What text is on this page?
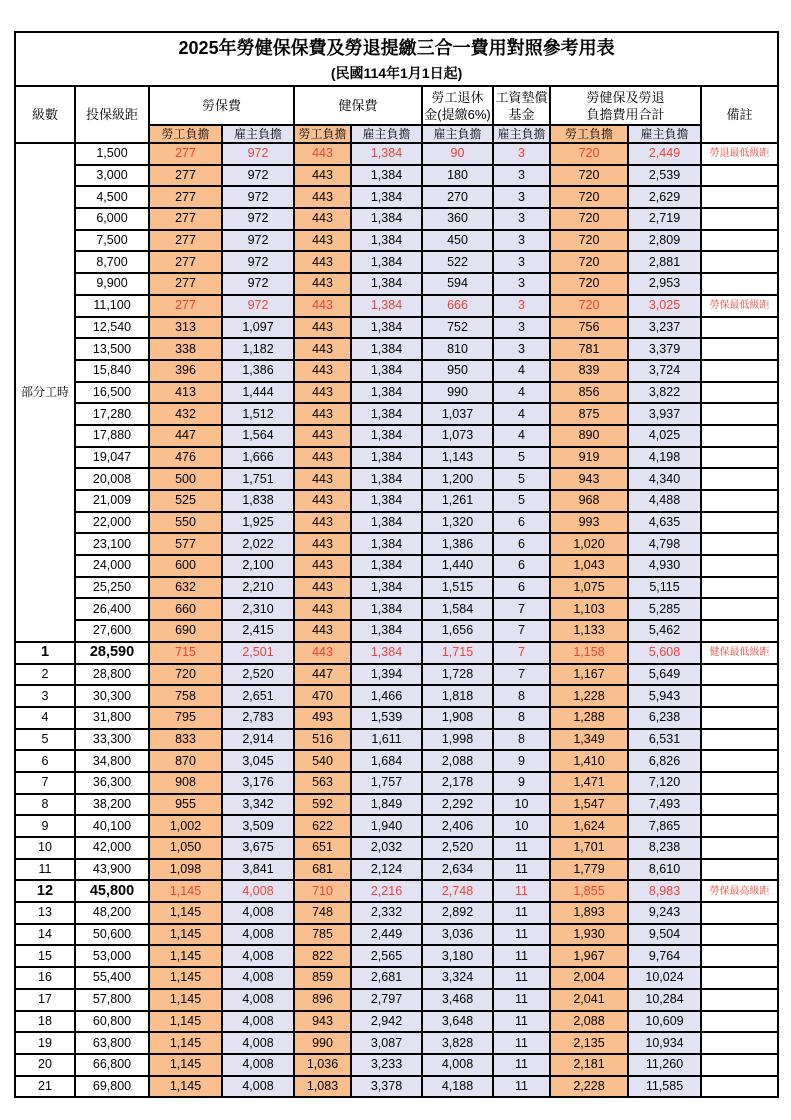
2025年勞健保保費及勞退提繳三合一費用對照參考用表
(民國114年1月1日起)										

級數	投保級距	勞保費	健保費	
勞工退休
金(提繳6%)

工資墊償
基金

勞健保及勞退
負擔費用合計	備註
		勞工負擔	雇主負擔	勞工負擔	雇主負擔	雇主負擔	雇主負擔	勞工負擔	雇主負擔	
部分工時	1,500	277	972	443	1,384	90	3	720	2,449	勞退最低級距
	3,000	277	972	443	1,384	180	3	720	2,539	
	4,500	277	972	443	1,384	270	3	720	2,629	
	6,000	277	972	443	1,384	360	3	720	2,719	
	7,500	277	972	443	1,384	450	3	720	2,809	
	8,700	277	972	443	1,384	522	3	720	2,881	
	9,900	277	972	443	1,384	594	3	720	2,953	
	11,100	277	972	443	1,384	666	3	720	3,025	勞保最低級距
	12,540	313	1,097	443	1,384	752	3	756	3,237	
	13,500	338	1,182	443	1,384	810	3	781	3,379	
	15,840	396	1,386	443	1,384	950	4	839	3,724	
	16,500	413	1,444	443	1,384	990	4	856	3,822	
	17,280	432	1,512	443	1,384	1,037	4	875	3,937	
	17,880	447	1,564	443	1,384	1,073	4	890	4,025	
	19,047	476	1,666	443	1,384	1,143	5	919	4,198	
	20,008	500	1,751	443	1,384	1,200	5	943	4,340	
	21,009	525	1,838	443	1,384	1,261	5	968	4,488	
	22,000	550	1,925	443	1,384	1,320	6	993	4,635	
	23,100	577	2,022	443	1,384	1,386	6	1,020	4,798	
	24,000	600	2,100	443	1,384	1,440	6	1,043	4,930	
	25,250	632	2,210	443	1,384	1,515	6	1,075	5,115	
	26,400	660	2,310	443	1,384	1,584	7	1,103	5,285	
	27,600	690	2,415	443	1,384	1,656	7	1,133	5,462	
1	28,590	715	2,501	443	1,384	1,715	7	1,158	5,608	健保最低級距
2	28,800	720	2,520	447	1,394	1,728	7	1,167	5,649	
3	30,300	758	2,651	470	1,466	1,818	8	1,228	5,943	
4	31,800	795	2,783	493	1,539	1,908	8	1,288	6,238	
5	33,300	833	2,914	516	1,611	1,998	8	1,349	6,531	
6	34,800	870	3,045	540	1,684	2,088	9	1,410	6,826	
7	36,300	908	3,176	563	1,757	2,178	9	1,471	7,120	
8	38,200	955	3,342	592	1,849	2,292	10	1,547	7,493	
9	40,100	1,002	3,509	622	1,940	2,406	10	1,624	7,865	
10	42,000	1,050	3,675	651	2,032	2,520	11	1,701	8,238	
11	43,900	1,098	3,841	681	2,124	2,634	11	1,779	8,610	
12	45,800	1,145	4,008	710	2,216	2,748	11	1,855	8,983	勞保最高級距
13	48,200	1,145	4,008	748	2,332	2,892	11	1,893	9,243	
14	50,600	1,145	4,008	785	2,449	3,036	11	1,930	9,504	
15	53,000	1,145	4,008	822	2,565	3,180	11	1,967	9,764	
16	55,400	1,145	4,008	859	2,681	3,324	11	2,004	10,024	
17	57,800	1,145	4,008	896	2,797	3,468	11	2,041	10,284	
18	60,800	1,145	4,008	943	2,942	3,648	11	2,088	10,609	
19	63,800	1,145	4,008	990	3,087	3,828	11	2,135	10,934	
20	66,800	1,145	4,008	1,036	3,233	4,008	11	2,181	11,260	
21	69,800	1,145	4,008	1,083	3,378	4,188	11	2,228	11,585	
